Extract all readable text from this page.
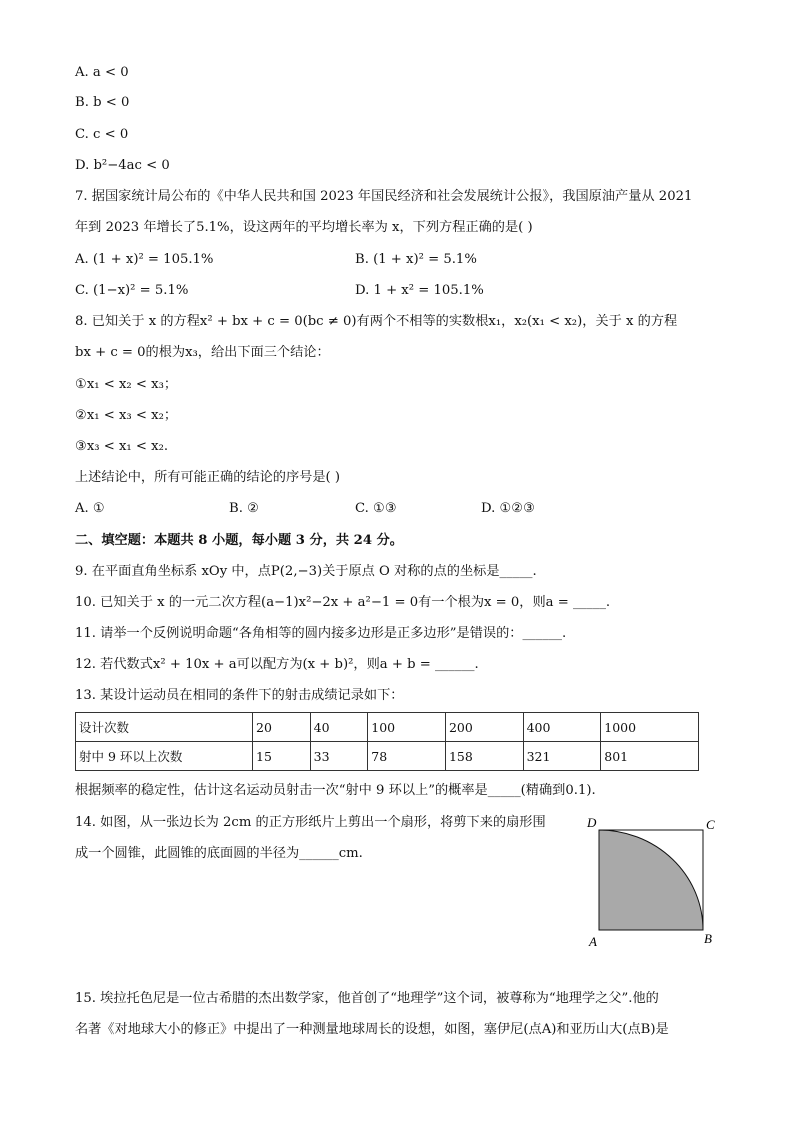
A. a < 0
B. b < 0
C. c < 0
D. b²−4ac < 0
7. 据国家统计局公布的《中华人民共和国 2023 年国民经济和社会发展统计公报》，我国原油产量从 2021
年到 2023 年增长了5.1%，设这两年的平均增长率为 x，下列方程正确的是( )
A. (1 + x)² = 105.1%	B. (1 + x)² = 5.1%
C. (1−x)² = 5.1%	D. 1 + x² = 105.1%
8. 已知关于 x 的方程x² + bx + c = 0(bc ≠ 0)有两个不相等的实数根x₁，x₂(x₁ < x₂)，关于 x 的方程
bx + c = 0的根为x₃，给出下面三个结论：
①x₁ < x₂ < x₃；
②x₁ < x₃ < x₂；
③x₃ < x₁ < x₂.
上述结论中，所有可能正确的结论的序号是( )
A. ①	B. ②	C. ①③	D. ①②③
二、填空题：本题共 8 小题，每小题 3 分，共 24 分。
9. 在平面直角坐标系 xOy 中，点P(2,−3)关于原点 O 对称的点的坐标是_____.
10. 已知关于 x 的一元二次方程(a−1)x²−2x + a²−1 = 0有一个根为x = 0，则a = _____.
11. 请举一个反例说明命题“各角相等的圆内接多边形是正多边形”是错误的：______.
12. 若代数式x² + 10x + a可以配方为(x + b)²，则a + b = ______.
13. 某设计运动员在相同的条件下的射击成绩记录如下：
设计次数	20	40	100	200	400	1000
射中 9 环以上次数	15	33	78	158	321	801
根据频率的稳定性，估计这名运动员射击一次“射中 9 环以上”的概率是_____(精确到0.1).
14. 如图，从一张边长为 2cm 的正方形纸片上剪出一个扇形，将剪下来的扇形围
成一个圆锥，此圆锥的底面圆的半径为______cm.
D	C
A	B
15. 埃拉托色尼是一位古希腊的杰出数学家，他首创了“地理学”这个词，被尊称为“地理学之父”.他的
名著《对地球大小的修正》中提出了一种测量地球周长的设想，如图，塞伊尼(点A)和亚历山大(点B)是
